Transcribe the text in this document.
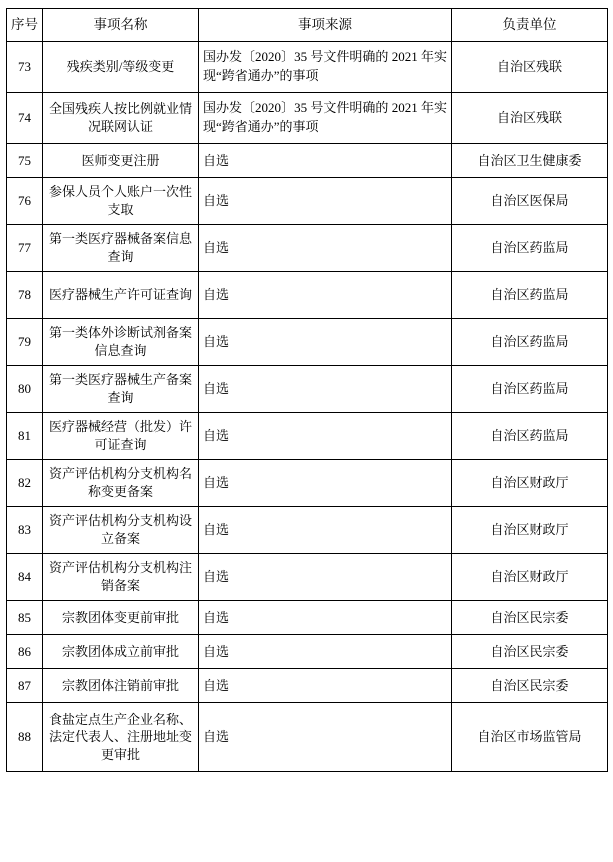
序号	事项名称	事项来源	负责单位
73	残疾类别/等级变更	国办发〔2020〕35 号文件明确的 2021 年实现“跨省通办”的事项	自治区残联
74	全国残疾人按比例就业情况联网认证	国办发〔2020〕35 号文件明确的 2021 年实现“跨省通办”的事项	自治区残联
75	医师变更注册	自选	自治区卫生健康委
76	参保人员个人账户一次性支取	自选	自治区医保局
77	第一类医疗器械备案信息查询	自选	自治区药监局
78	医疗器械生产许可证查询	自选	自治区药监局
79	第一类体外诊断试剂备案信息查询	自选	自治区药监局
80	第一类医疗器械生产备案查询	自选	自治区药监局
81	医疗器械经营（批发）许可证查询	自选	自治区药监局
82	资产评估机构分支机构名称变更备案	自选	自治区财政厅
83	资产评估机构分支机构设立备案	自选	自治区财政厅
84	资产评估机构分支机构注销备案	自选	自治区财政厅
85	宗教团体变更前审批	自选	自治区民宗委
86	宗教团体成立前审批	自选	自治区民宗委
87	宗教团体注销前审批	自选	自治区民宗委
88	食盐定点生产企业名称、法定代表人、注册地址变更审批	自选	自治区市场监管局
